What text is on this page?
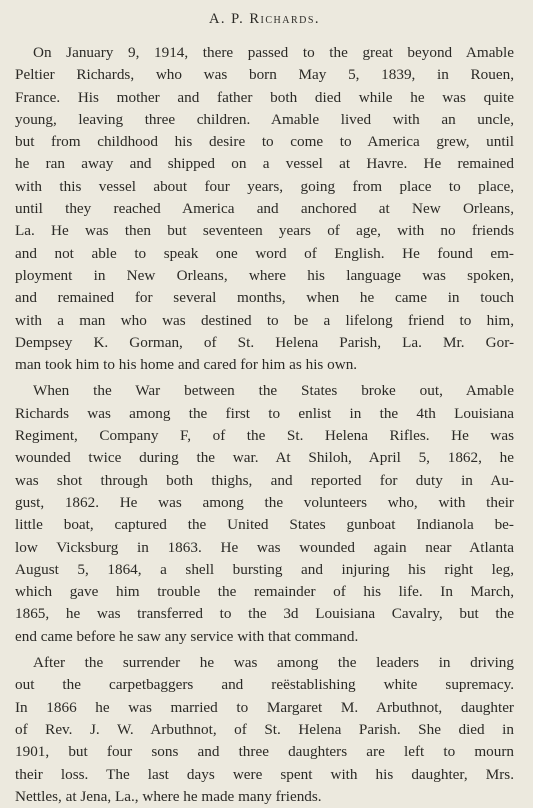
A. P. Richards.
On January 9, 1914, there passed to the great beyond Amable
Peltier Richards, who was born May 5, 1839, in Rouen,
France. His mother and father both died while he was quite
young, leaving three children. Amable lived with an uncle,
but from childhood his desire to come to America grew, until
he ran away and shipped on a vessel at Havre. He remained
with this vessel about four years, going from place to place,
until they reached America and anchored at New Orleans,
La. He was then but seventeen years of age, with no friends
and not able to speak one word of English. He found em-
ployment in New Orleans, where his language was spoken,
and remained for several months, when he came in touch
with a man who was destined to be a lifelong friend to him,
Dempsey K. Gorman, of St. Helena Parish, La. Mr. Gor-
man took him to his home and cared for him as his own.
When the War between the States broke out, Amable
Richards was among the first to enlist in the 4th Louisiana
Regiment, Company F, of the St. Helena Rifles. He was
wounded twice during the war. At Shiloh, April 5, 1862, he
was shot through both thighs, and reported for duty in Au-
gust, 1862. He was among the volunteers who, with their
little boat, captured the United States gunboat Indianola be-
low Vicksburg in 1863. He was wounded again near Atlanta
August 5, 1864, a shell bursting and injuring his right leg,
which gave him trouble the remainder of his life. In March,
1865, he was transferred to the 3d Louisiana Cavalry, but the
end came before he saw any service with that command.
After the surrender he was among the leaders in driving
out the carpetbaggers and reëstablishing white supremacy.
In 1866 he was married to Margaret M. Arbuthnot, daughter
of Rev. J. W. Arbuthnot, of St. Helena Parish. She died in
1901, but four sons and three daughters are left to mourn
their loss. The last days were spent with his daughter, Mrs.
Nettles, at Jena, La., where he made many friends.
